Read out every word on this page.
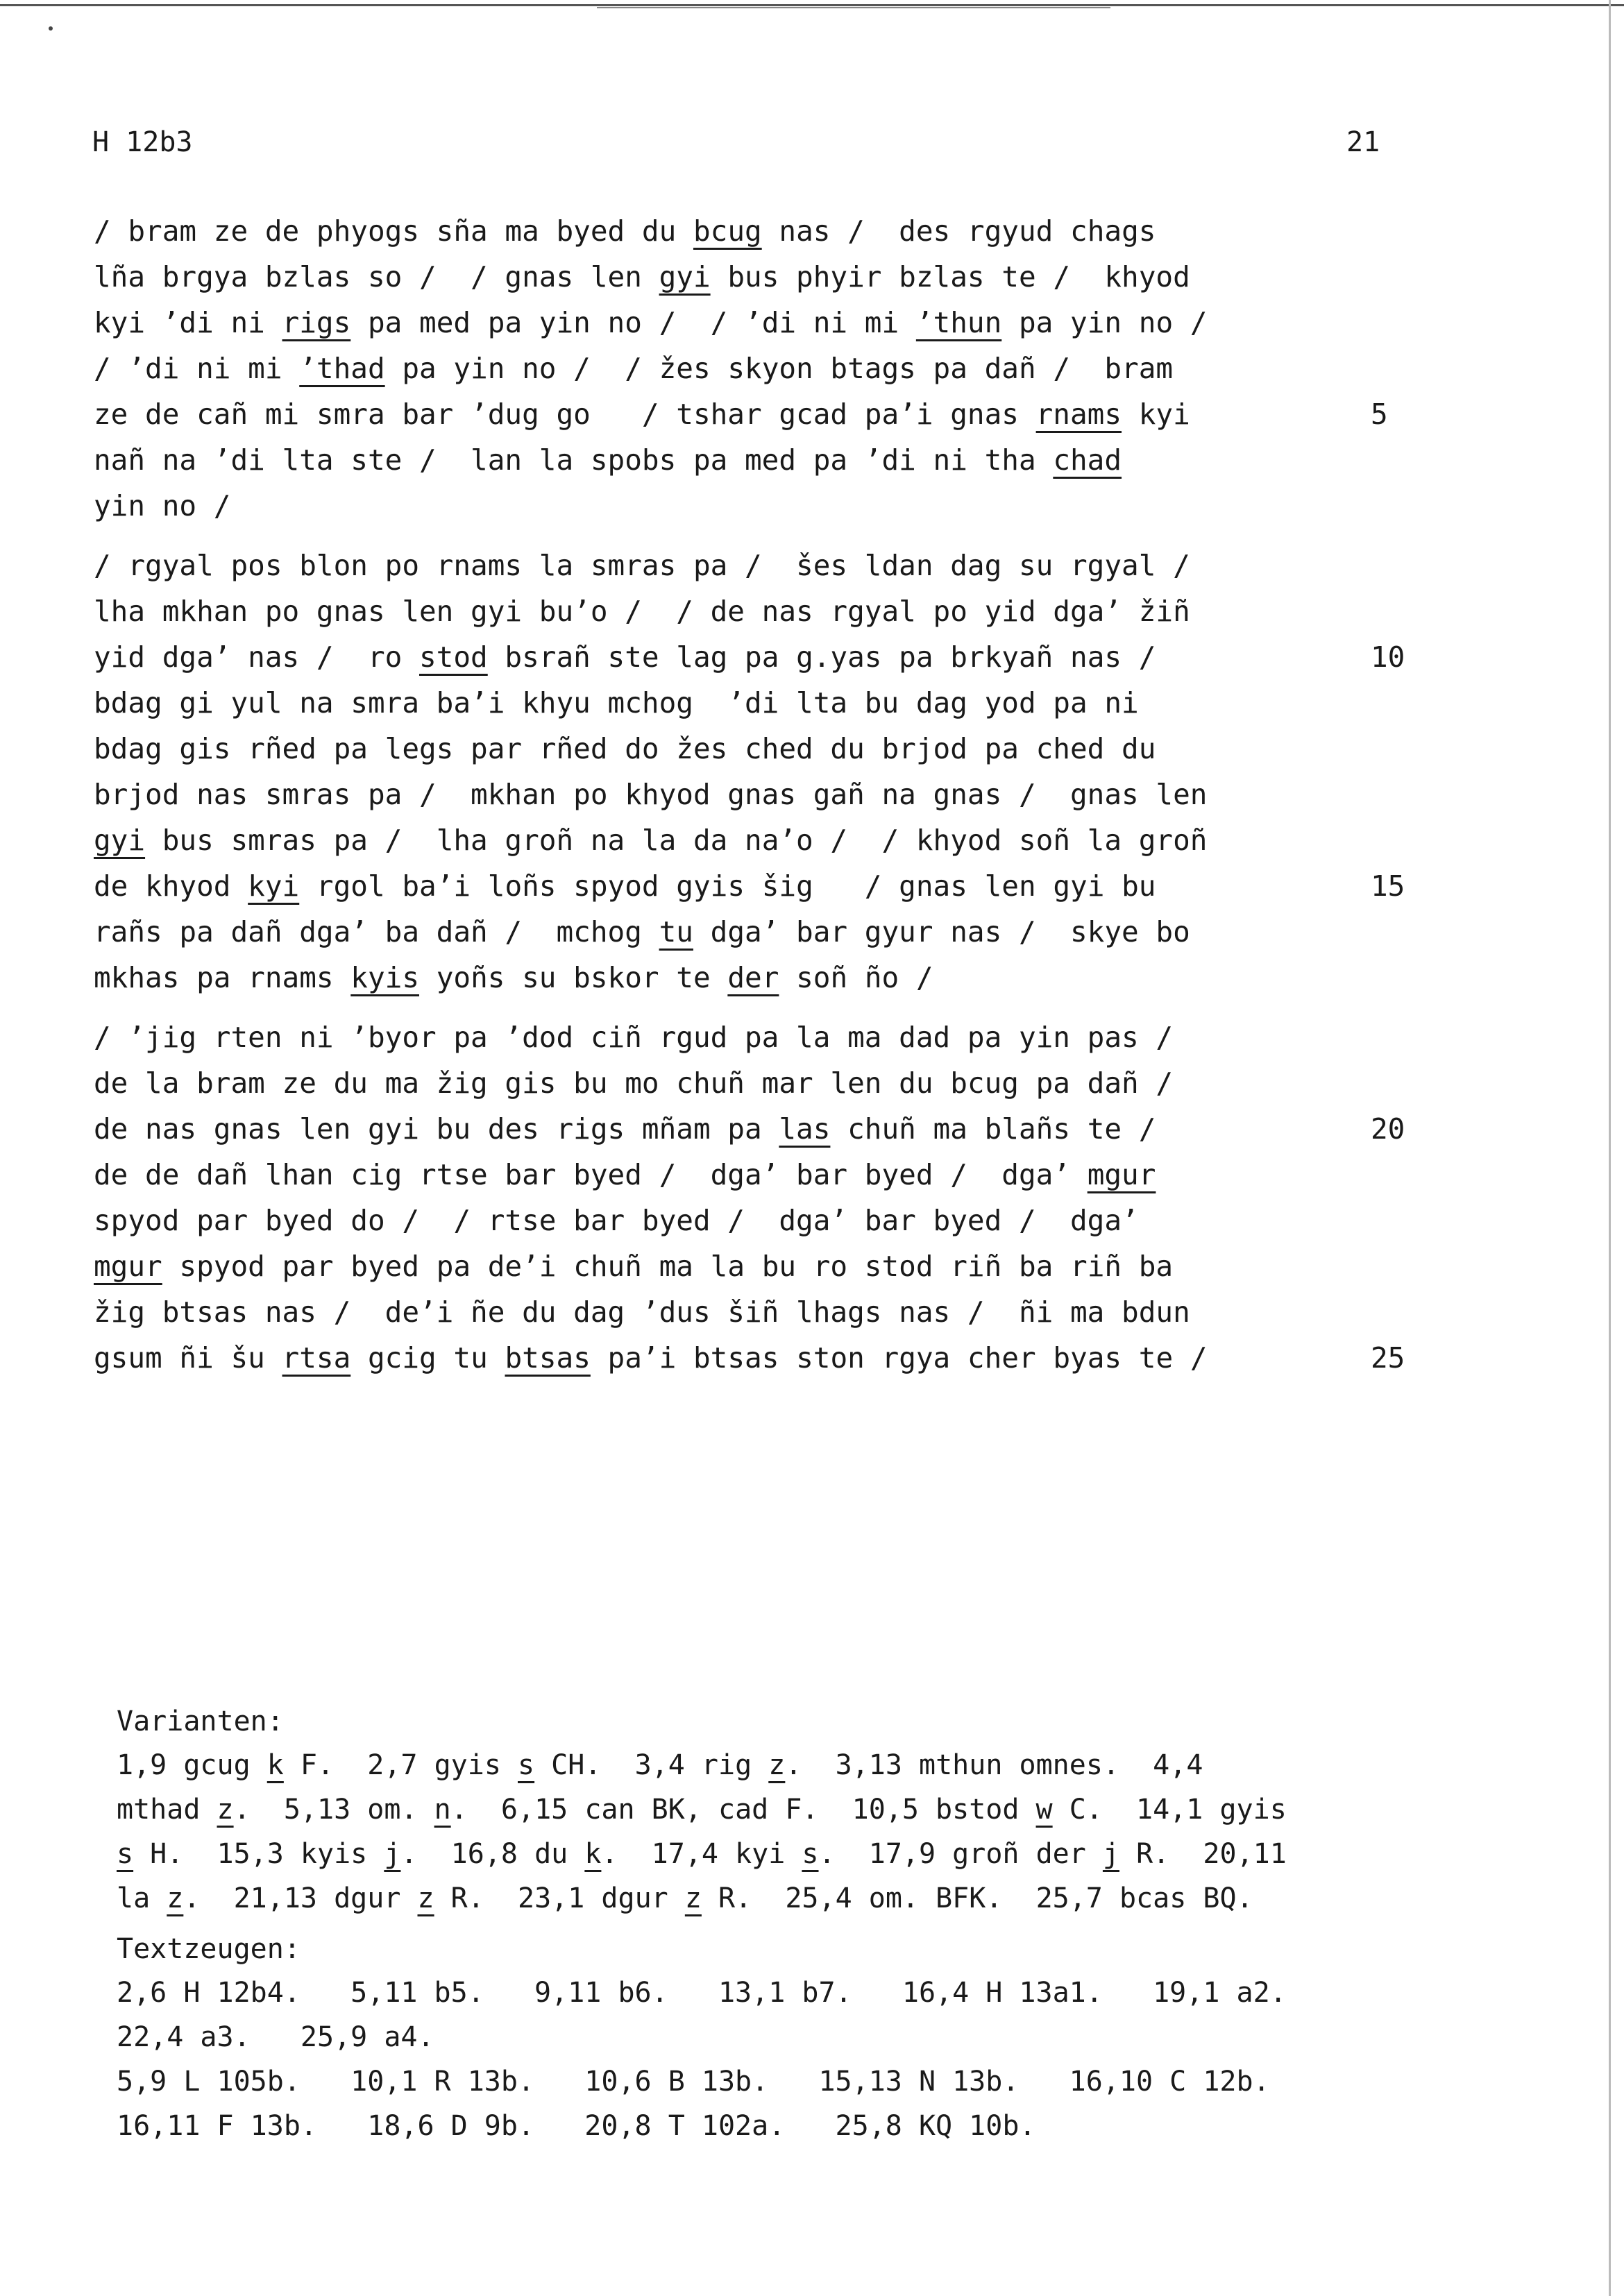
H 12b3	21
/ bram ze de phyogs sña ma byed du bcug nas /  des rgyud chags
lña brgya bzlas so /  / gnas len gyi bus phyir bzlas te /  khyod
kyi ’di ni rigs pa med pa yin no /  / ’di ni mi ’thun pa yin no /
/ ’di ni mi ’thad pa yin no /  / žes skyon btags pa dañ /  bram
ze de cañ mi smra bar ’dug go   / tshar gcad pa’i gnas rnams kyi	5
nañ na ’di lta ste /  lan la spobs pa med pa ’di ni tha chad
yin no /
/ rgyal pos blon po rnams la smras pa /  šes ldan dag su rgyal /
lha mkhan po gnas len gyi bu’o /  / de nas rgyal po yid dga’ žiñ
yid dga’ nas /  ro stod bsrañ ste lag pa g.yas pa brkyañ nas /	10
bdag gi yul na smra ba’i khyu mchog  ’di lta bu dag yod pa ni
bdag gis rñed pa legs par rñed do žes ched du brjod pa ched du
brjod nas smras pa /  mkhan po khyod gnas gañ na gnas /  gnas len
gyi bus smras pa /  lha groñ na la da na’o /  / khyod soñ la groñ
de khyod kyi rgol ba’i loñs spyod gyis šig   / gnas len gyi bu	15
rañs pa dañ dga’ ba dañ /  mchog tu dga’ bar gyur nas /  skye bo
mkhas pa rnams kyis yoñs su bskor te der soñ ño /
/ ’jig rten ni ’byor pa ’dod ciñ rgud pa la ma dad pa yin pas /
de la bram ze du ma žig gis bu mo chuñ mar len du bcug pa dañ /
de nas gnas len gyi bu des rigs mñam pa las chuñ ma blañs te /	20
de de dañ lhan cig rtse bar byed /  dga’ bar byed /  dga’ mgur
spyod par byed do /  / rtse bar byed /  dga’ bar byed /  dga’
mgur spyod par byed pa de’i chuñ ma la bu ro stod riñ ba riñ ba
žig btsas nas /  de’i ñe du dag ’dus šiñ lhags nas /  ñi ma bdun
gsum ñi šu rtsa gcig tu btsas pa’i btsas ston rgya cher byas te /	25
Varianten:
1,9 gcug k F.  2,7 gyis s CH.  3,4 rig z.  3,13 mthun omnes.  4,4
mthad z.  5,13 om. n.  6,15 can BK, cad F.  10,5 bstod w C.  14,1 gyis
s H.  15,3 kyis j.  16,8 du k.  17,4 kyi s.  17,9 groñ der j R.  20,11
la z.  21,13 dgur z R.  23,1 dgur z R.  25,4 om. BFK.  25,7 bcas BQ.
Textzeugen:
2,6 H 12b4.   5,11 b5.   9,11 b6.   13,1 b7.   16,4 H 13a1.   19,1 a2.
22,4 a3.   25,9 a4.
5,9 L 105b.   10,1 R 13b.   10,6 B 13b.   15,13 N 13b.   16,10 C 12b.
16,11 F 13b.   18,6 D 9b.   20,8 T 102a.   25,8 KQ 10b.
